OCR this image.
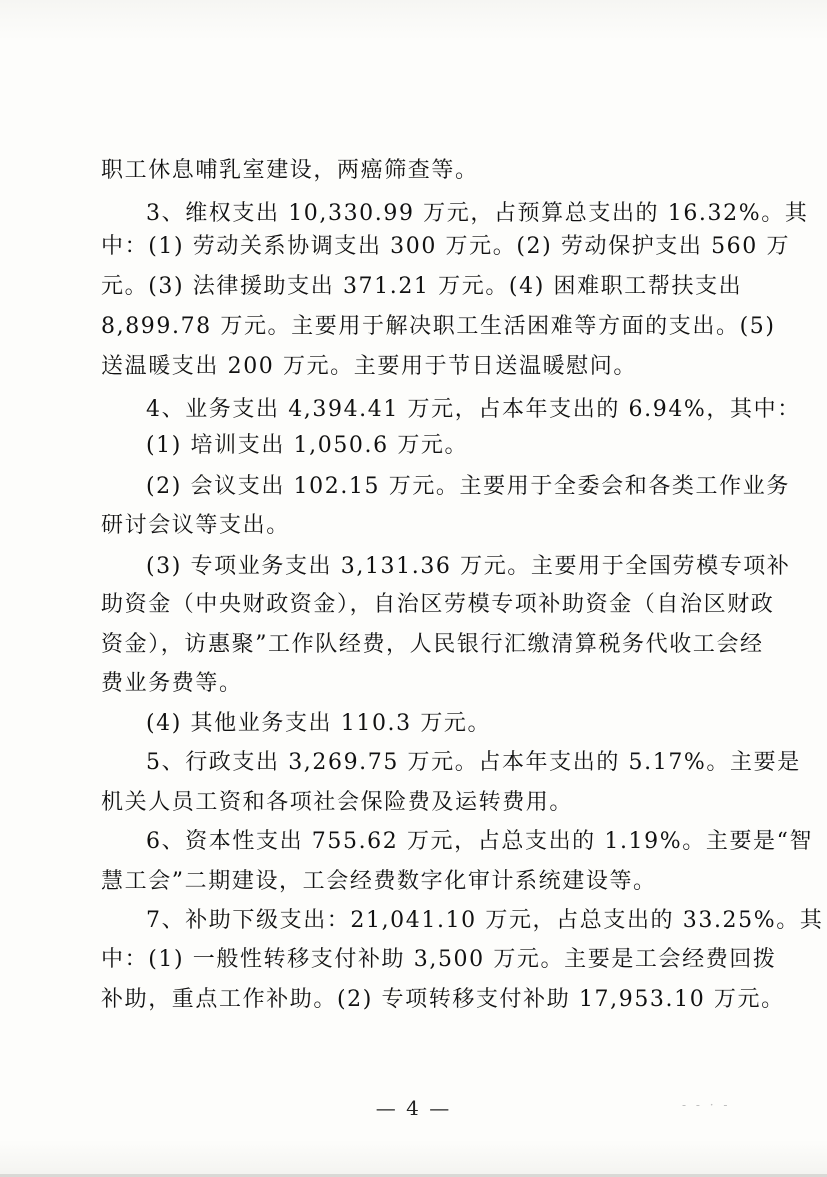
职工休息哺乳室建设，两癌筛查等。
3、维权支出 10,330.99 万元，占预算总支出的 16.32%。其
中：(1) 劳动关系协调支出 300 万元。(2) 劳动保护支出 560 万
元。(3) 法律援助支出 371.21 万元。(4) 困难职工帮扶支出
8,899.78 万元。主要用于解决职工生活困难等方面的支出。(5)
送温暖支出 200 万元。主要用于节日送温暖慰问。
4、业务支出 4,394.41 万元，占本年支出的 6.94%，其中：
(1) 培训支出 1,050.6 万元。
(2) 会议支出 102.15 万元。主要用于全委会和各类工作业务
研讨会议等支出。
(3) 专项业务支出 3,131.36 万元。主要用于全国劳模专项补
助资金（中央财政资金），自治区劳模专项补助资金（自治区财政
资金），访惠聚”工作队经费，人民银行汇缴清算税务代收工会经
费业务费等。
(4) 其他业务支出 110.3 万元。
5、行政支出 3,269.75 万元。占本年支出的 5.17%。主要是
机关人员工资和各项社会保险费及运转费用。
6、资本性支出 755.62 万元，占总支出的 1.19%。主要是“智
慧工会”二期建设，工会经费数字化审计系统建设等。
7、补助下级支出：21,041.10 万元，占总支出的 33.25%。其
中：(1) 一般性转移支付补助 3,500 万元。主要是工会经费回拨
补助，重点工作补助。(2) 专项转移支付补助 17,953.10 万元。
— 4 —	- - · -
